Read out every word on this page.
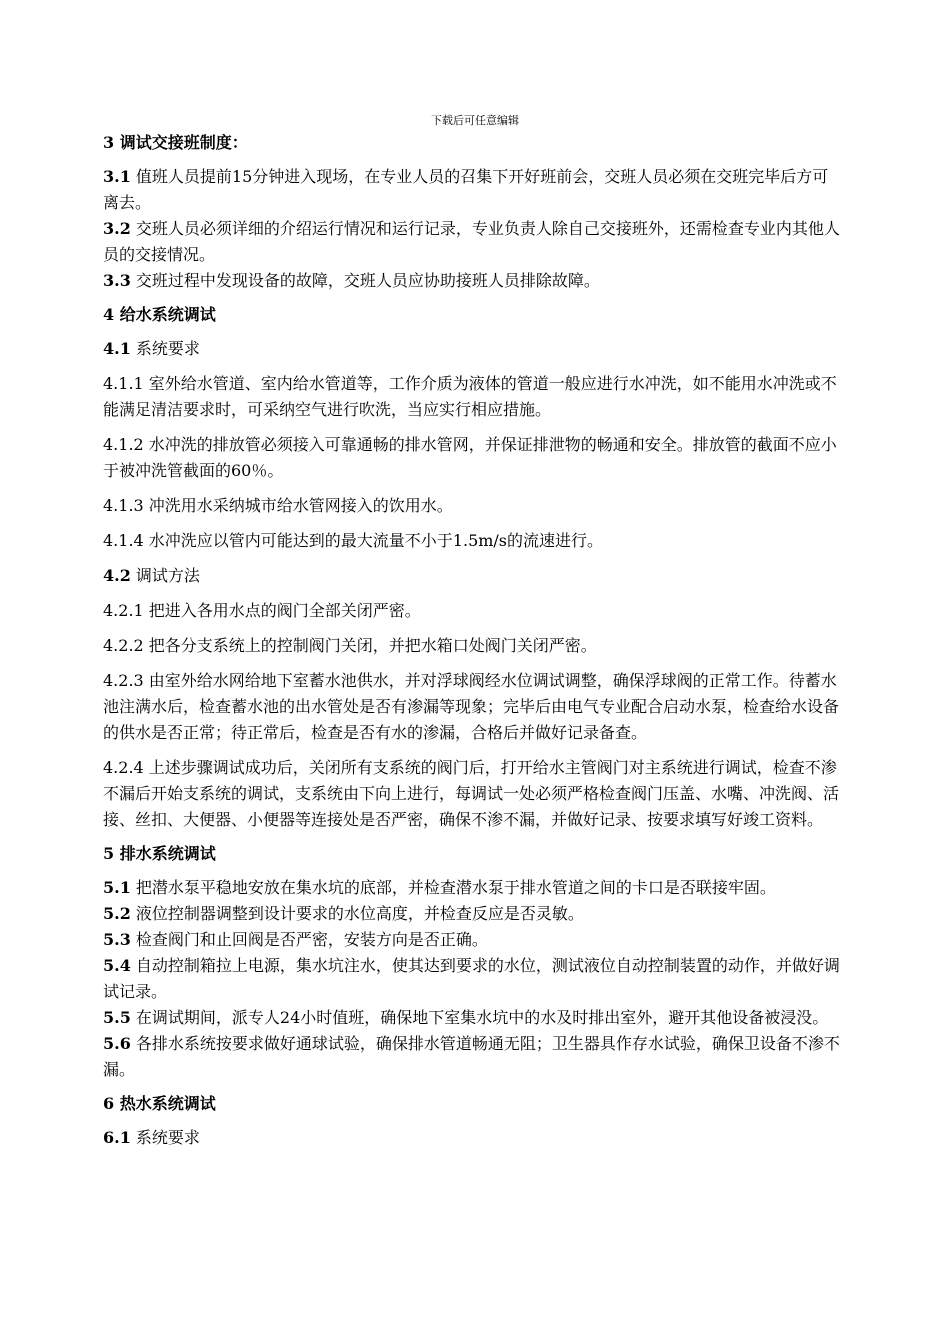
下载后可任意编辑

3 调试交接班制度：

3.1 值班人员提前15分钟进入现场，在专业人员的召集下开好班前会，交班人员必须在交班完毕后方可离去。

3.2 交班人员必须详细的介绍运行情况和运行记录，专业负责人除自己交接班外，还需检查专业内其他人员的交接情况。

3.3 交班过程中发现设备的故障，交班人员应协助接班人员排除故障。

4 给水系统调试

4.1 系统要求

4.1.1 室外给水管道、室内给水管道等，工作介质为液体的管道一般应进行水冲洗，如不能用水冲洗或不能满足清洁要求时，可采纳空气进行吹洗，当应实行相应措施。

4.1.2 水冲洗的排放管必须接入可靠通畅的排水管网，并保证排泄物的畅通和安全。排放管的截面不应小于被冲洗管截面的60％。

4.1.3 冲洗用水采纳城市给水管网接入的饮用水。

4.1.4 水冲洗应以管内可能达到的最大流量不小于1.5m/s的流速进行。

4.2 调试方法

4.2.1 把进入各用水点的阀门全部关闭严密。

4.2.2 把各分支系统上的控制阀门关闭，并把水箱口处阀门关闭严密。

4.2.3 由室外给水网给地下室蓄水池供水，并对浮球阀经水位调试调整，确保浮球阀的正常工作。待蓄水池注满水后，检查蓄水池的出水管处是否有渗漏等现象；完毕后由电气专业配合启动水泵，检查给水设备的供水是否正常；待正常后，检查是否有水的渗漏，合格后并做好记录备查。

4.2.4 上述步骤调试成功后，关闭所有支系统的阀门后，打开给水主管阀门对主系统进行调试，检查不渗不漏后开始支系统的调试，支系统由下向上进行，每调试一处必须严格检查阀门压盖、水嘴、冲洗阀、活接、丝扣、大便器、小便器等连接处是否严密，确保不渗不漏，并做好记录、按要求填写好竣工资料。

5 排水系统调试

5.1 把潜水泵平稳地安放在集水坑的底部，并检查潜水泵于排水管道之间的卡口是否联接牢固。

5.2 液位控制器调整到设计要求的水位高度，并检查反应是否灵敏。

5.3 检查阀门和止回阀是否严密，安装方向是否正确。

5.4 自动控制箱拉上电源，集水坑注水，使其达到要求的水位，测试液位自动控制装置的动作，并做好调试记录。

5.5 在调试期间，派专人24小时值班，确保地下室集水坑中的水及时排出室外，避开其他设备被浸没。

5.6 各排水系统按要求做好通球试验，确保排水管道畅通无阻；卫生器具作存水试验，确保卫设备不渗不漏。

6 热水系统调试

6.1 系统要求
